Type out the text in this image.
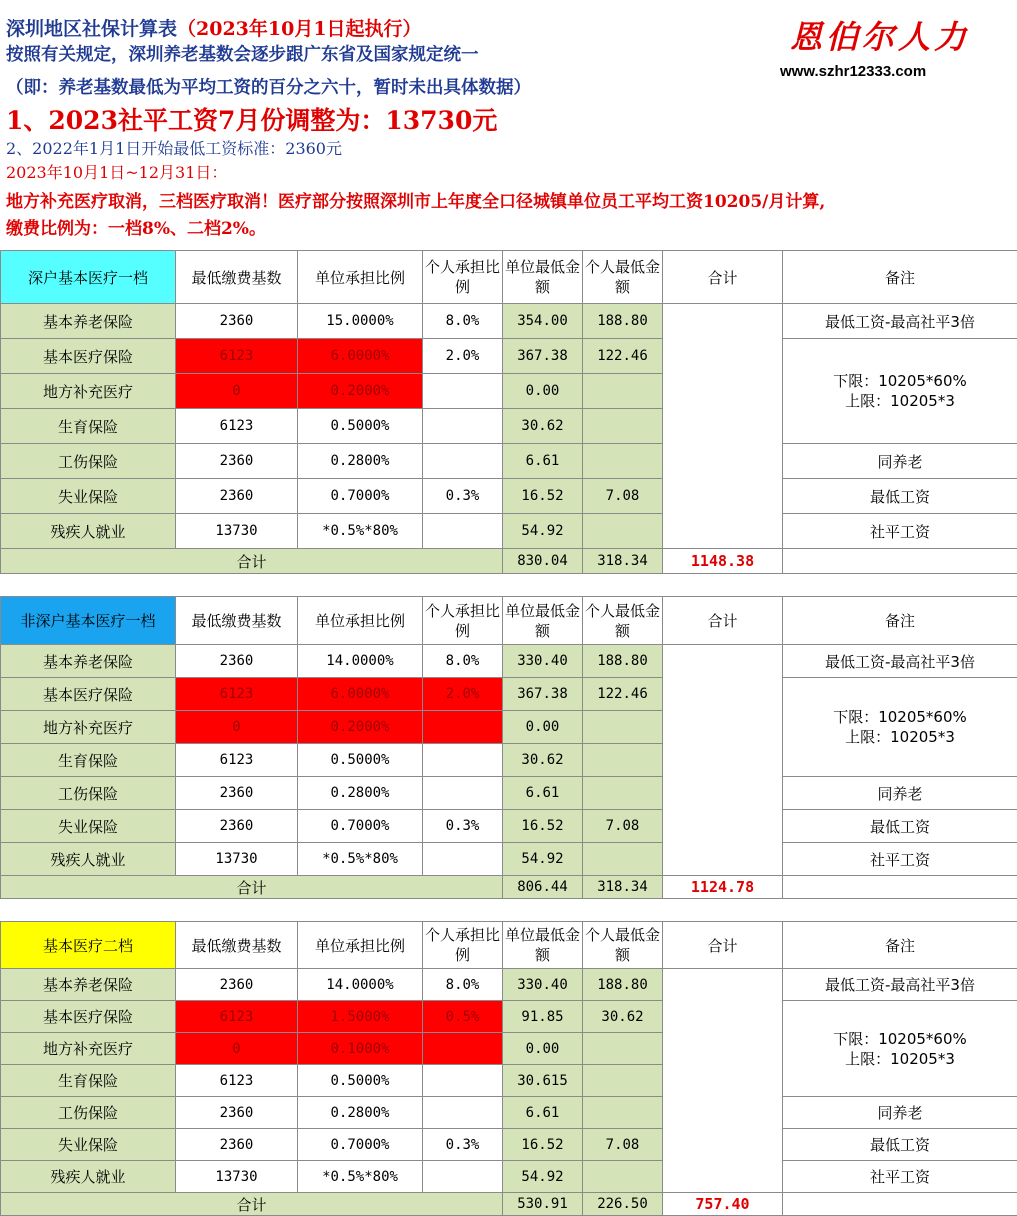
深圳地区社保计算表（2023年10月1日起执行）
按照有关规定，深圳养老基数会逐步跟广东省及国家规定统一
（即：养老基数最低为平均工资的百分之六十，暂时未出具体数据）
1、2023社平工资7月份调整为：13730元
2、2022年1月1日开始最低工资标准：2360元
2023年10月1日~12月31日：
地方补充医疗取消，三档医疗取消！医疗部分按照深圳市上年度全口径城镇单位员工平均工资10205/月计算,
缴费比例为：一档8%、二档2%。
恩伯尔人力
www.szhr12333.com
深户基本医疗一档	最低缴费基数	单位承担比例	个人承担比例	单位最低金额	个人最低金额	合计	备注
基本养老保险	2360	15.0000%	8.0%	354.00	188.80		最低工资-最高社平3倍
基本医疗保险	6123	6.0000%	2.0%	367.38	122.46		下限：10205*60%
上限：10205*3

地方补充医疗	0	0.2000%		0.00			
生育保险	6123	0.5000%		30.62			
工伤保险	2360	0.2800%		6.61			同养老
失业保险	2360	0.7000%	0.3%	16.52	7.08		最低工资
残疾人就业	13730	*0.5%*80%		54.92			社平工资
合计				830.04	318.34	1148.38	
非深户基本医疗一档	最低缴费基数	单位承担比例	个人承担比例	单位最低金额	个人最低金额	合计	备注
基本养老保险	2360	14.0000%	8.0%	330.40	188.80		最低工资-最高社平3倍
基本医疗保险	6123	6.0000%	2.0%	367.38	122.46		下限：10205*60%
上限：10205*3

地方补充医疗	0	0.2000%		0.00			
生育保险	6123	0.5000%		30.62			
工伤保险	2360	0.2800%		6.61			同养老
失业保险	2360	0.7000%	0.3%	16.52	7.08		最低工资
残疾人就业	13730	*0.5%*80%		54.92			社平工资
合计				806.44	318.34	1124.78	
基本医疗二档	最低缴费基数	单位承担比例	个人承担比例	单位最低金额	个人最低金额	合计	备注
基本养老保险	2360	14.0000%	8.0%	330.40	188.80		最低工资-最高社平3倍
基本医疗保险	6123	1.5000%	0.5%	91.85	30.62		下限：10205*60%
上限：10205*3

地方补充医疗	0	0.1000%		0.00			
生育保险	6123	0.5000%		30.615			
工伤保险	2360	0.2800%		6.61			同养老
失业保险	2360	0.7000%	0.3%	16.52	7.08		最低工资
残疾人就业	13730	*0.5%*80%		54.92			社平工资
合计				530.91	226.50	757.40	
